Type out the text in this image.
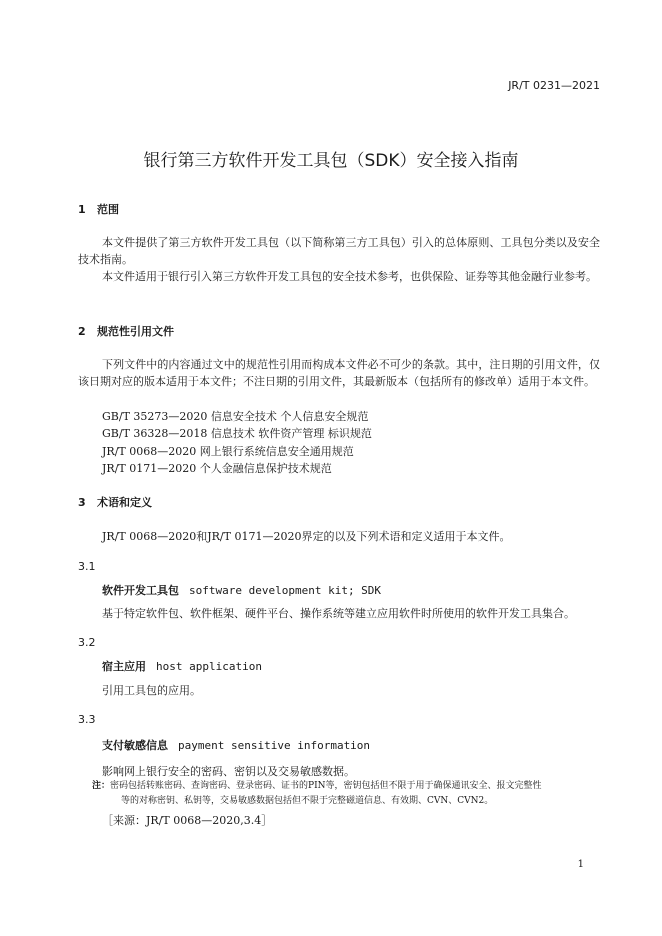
JR/T 0231—2021
银行第三方软件开发工具包（SDK）安全接入指南
1 范围
本文件提供了第三方软件开发工具包（以下简称第三方工具包）引入的总体原则、工具包分类以及安全技术指南。
本文件适用于银行引入第三方软件开发工具包的安全技术参考，也供保险、证券等其他金融行业参考。
2 规范性引用文件
下列文件中的内容通过文中的规范性引用而构成本文件必不可少的条款。其中，注日期的引用文件，仅该日期对应的版本适用于本文件；不注日期的引用文件，其最新版本（包括所有的修改单）适用于本文件。
GB/T 35273—2020 信息安全技术 个人信息安全规范
GB/T 36328—2018 信息技术 软件资产管理 标识规范
JR/T 0068—2020 网上银行系统信息安全通用规范
JR/T 0171—2020 个人金融信息保护技术规范
3 术语和定义
JR/T 0068—2020和JR/T 0171—2020界定的以及下列术语和定义适用于本文件。
3.1
软件开发工具包 software development kit; SDK
基于特定软件包、软件框架、硬件平台、操作系统等建立应用软件时所使用的软件开发工具集合。
3.2
宿主应用 host application
引用工具包的应用。
3.3
支付敏感信息 payment sensitive information
影响网上银行安全的密码、密钥以及交易敏感数据。
注：密码包括转账密码、查询密码、登录密码、证书的PIN等，密钥包括但不限于用于确保通讯安全、报文完整性
等的对称密钥、私钥等，交易敏感数据包括但不限于完整磁道信息、有效期、CVN、CVN2。
［来源：JR/T 0068—2020,3.4］
1
